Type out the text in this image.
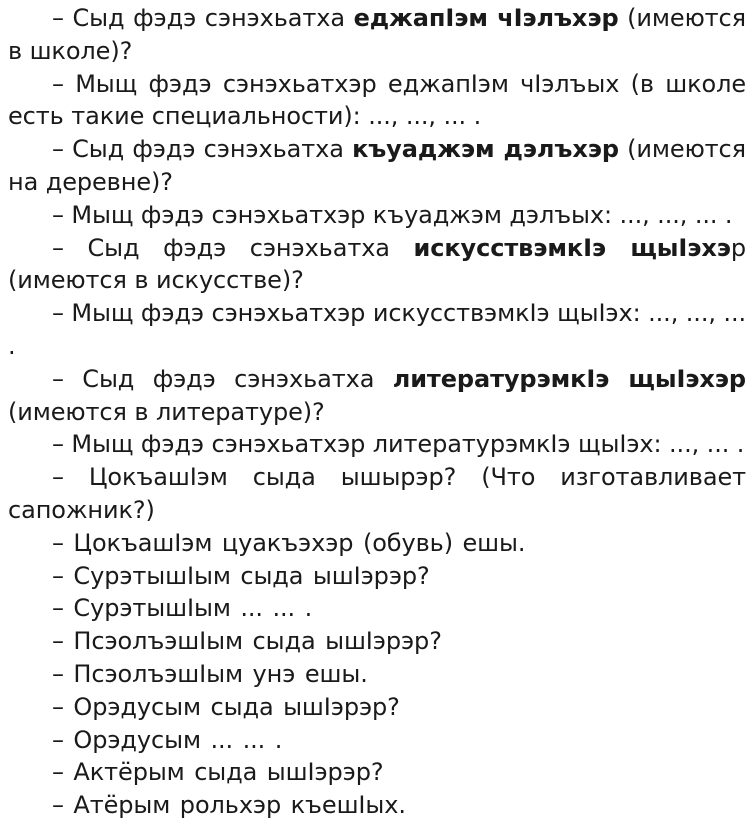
– Сыд фэдэ сэнэхьатха еджапӀэм чӀэлъхэр (имеются в школе)?

– Мыщ фэдэ сэнэхьатхэр еджапӀэм чӀэлъых (в школе есть такие специальности): ..., ..., ... .

– Сыд фэдэ сэнэхьатха къуаджэм дэлъхэр (имеются на деревне)?

– Мыщ фэдэ сэнэхьатхэр къуаджэм дэлъых: ..., ..., ... .

– Сыд фэдэ сэнэхьатха искусствэмкӀэ щыӀэхэр (имеются в искусстве)?

– Мыщ фэдэ сэнэхьатхэр искусствэмкӀэ щыӀэх: ..., ..., ... .

– Сыд фэдэ сэнэхьатха литературэмкӀэ щыӀэхэр (имеются в литературе)?

– Мыщ фэдэ сэнэхьатхэр литературэмкӀэ щыӀэх: ..., ... .

– ЦокъашӀэм сыда ышырэр? (Что изготавливает сапожник?)

– ЦокъашӀэм цуакъэхэр (обувь) ешы.

– СурэтышІым сыда ышІэрэр?

– СурэтышІым ... ... .

– ПсэолъэшІым сыда ышІэрэр?

– ПсэолъэшІым унэ ешы.

– Орэдусым сыда ышІэрэр?

– Орэдусым ... ... .

– Актёрым сыда ышІэрэр?

– Атёрым рольхэр къешІых.
